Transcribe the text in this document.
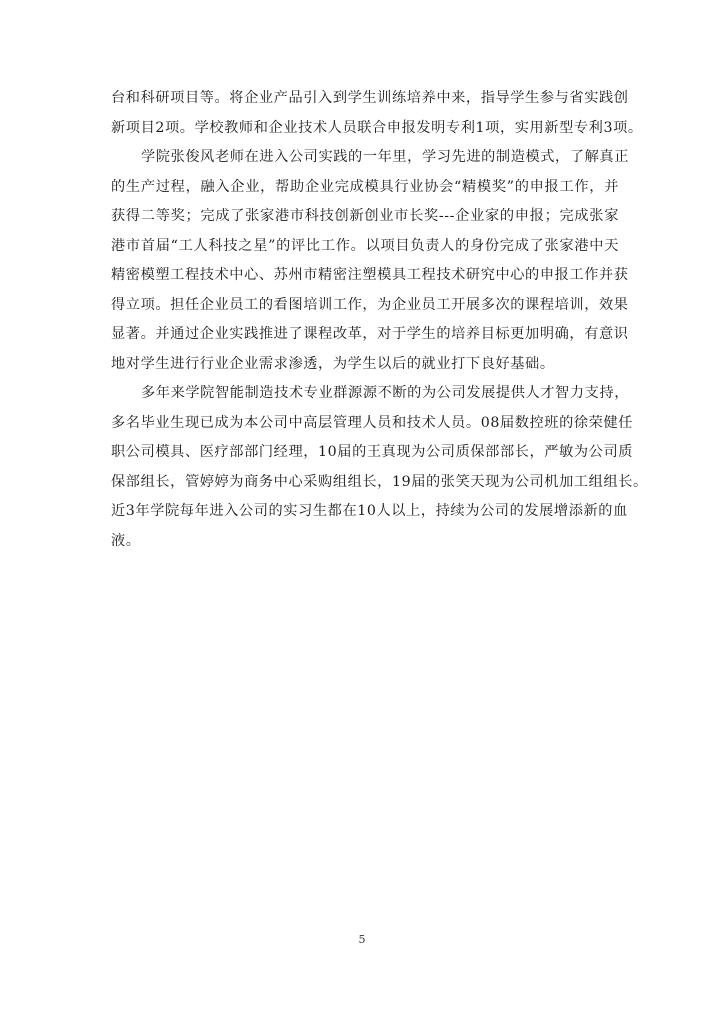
台和科研项目等。将企业产品引入到学生训练培养中来，指导学生参与省实践创
新项目2项。学校教师和企业技术人员联合申报发明专利1项，实用新型专利3项。
学院张俊风老师在进入公司实践的一年里，学习先进的制造模式，了解真正
的生产过程，融入企业，帮助企业完成模具行业协会“精模奖”的申报工作，并
获得二等奖；完成了张家港市科技创新创业市长奖---企业家的申报；完成张家
港市首届“工人科技之星”的评比工作。以项目负责人的身份完成了张家港中天
精密模塑工程技术中心、苏州市精密注塑模具工程技术研究中心的申报工作并获
得立项。担任企业员工的看图培训工作，为企业员工开展多次的课程培训，效果
显著。并通过企业实践推进了课程改革，对于学生的培养目标更加明确，有意识
地对学生进行行业企业需求渗透，为学生以后的就业打下良好基础。
多年来学院智能制造技术专业群源源不断的为公司发展提供人才智力支持，
多名毕业生现已成为本公司中高层管理人员和技术人员。08届数控班的徐荣健任
职公司模具、医疗部部门经理，10届的王真现为公司质保部部长，严敏为公司质
保部组长，管婷婷为商务中心采购组组长，19届的张笑天现为公司机加工组组长。
近3年学院每年进入公司的实习生都在10人以上，持续为公司的发展增添新的血
液。
5
